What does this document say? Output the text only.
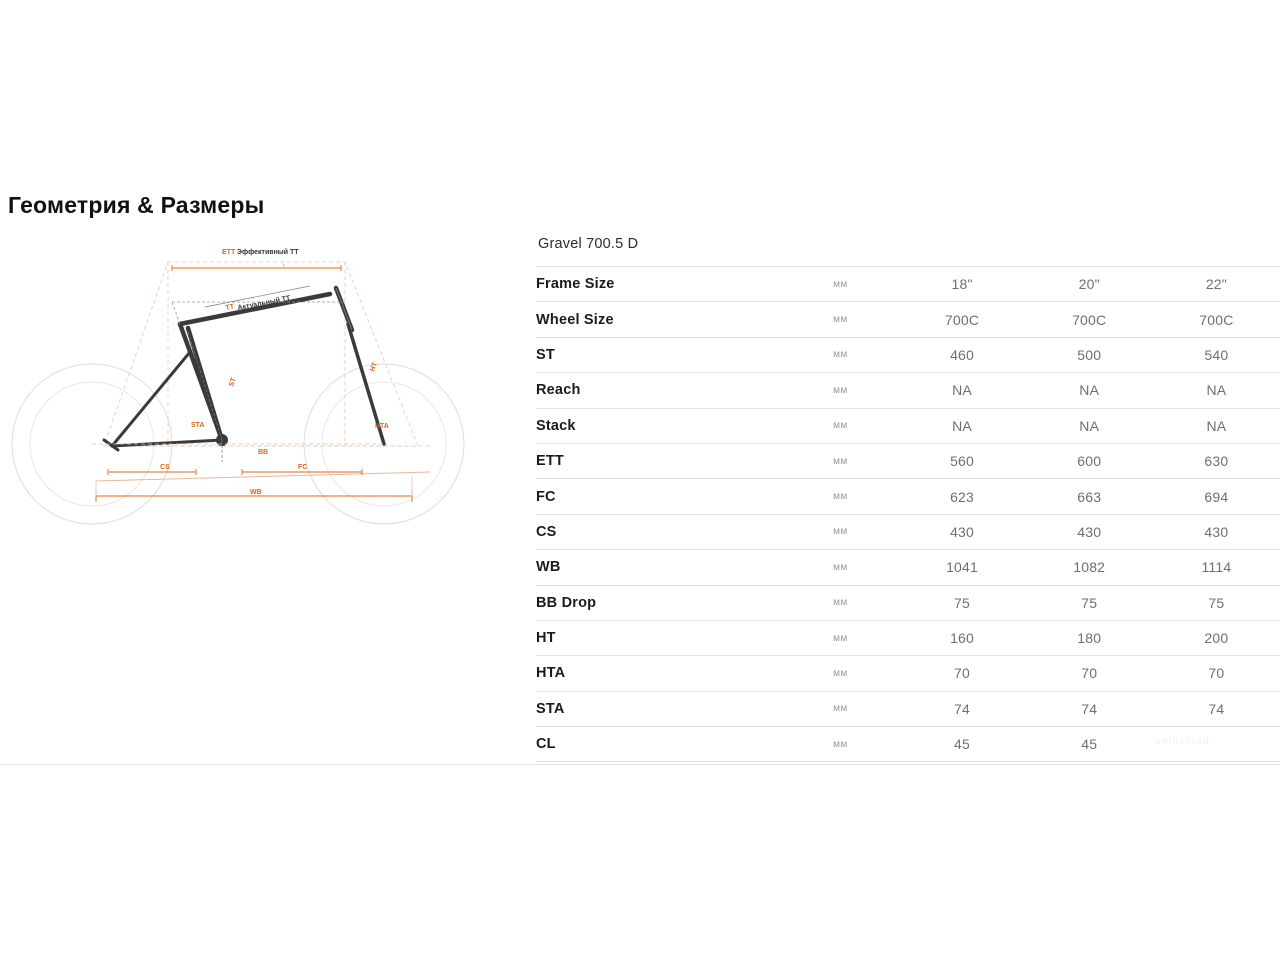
Геометрия & Размеры
ETT Эффективный TT
TT Актуальный TT
ı
ST
HT
STA	HTA
CS	FC
WB
BB
Gravel 700.5 D
Frame Size	мм	18"	20"	22"
Wheel Size	мм	700C	700C	700C
ST	мм	460	500	540
Reach	мм	NA	NA	NA
Stack	мм	NA	NA	NA
ETT	мм	560	600	630
FC	мм	623	663	694
CS	мм	430	430	430
WB	мм	1041	1082	1114
BB Drop	мм	75	75	75
HT	мм	160	180	200
HTA	мм	70	70	70
STA	мм	74	74	74
CL	мм	45	45		velosklad
